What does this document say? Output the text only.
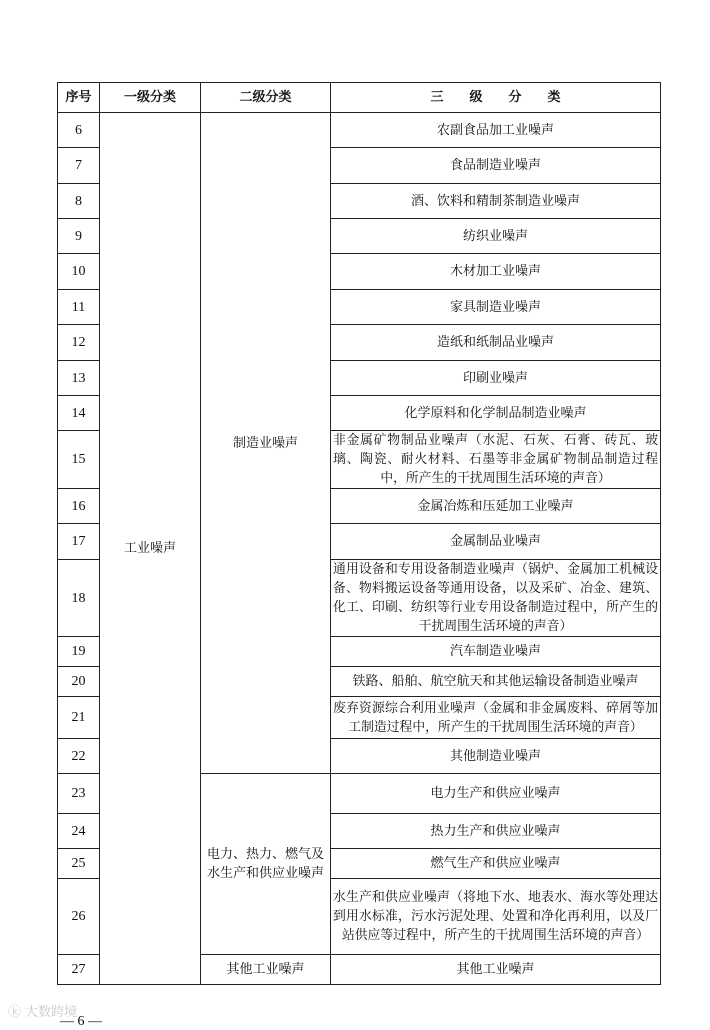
序号	一级分类	二级分类	三　　级　　分　　类
6	工业噪声	制造业噪声	农副食品加工业噪声
7			食品制造业噪声
8			酒、饮料和精制茶制造业噪声
9			纺织业噪声
10			木材加工业噪声
11			家具制造业噪声
12			造纸和纸制品业噪声
13			印刷业噪声
14			化学原料和化学制品制造业噪声
15			非金属矿物制品业噪声（水泥、石灰、石膏、砖瓦、玻璃、陶瓷、耐火材料、石墨等非金属矿物制品制造过程中，所产生的干扰周围生活环境的声音）
16			金属冶炼和压延加工业噪声
17			金属制品业噪声
18			通用设备和专用设备制造业噪声（锅炉、金属加工机械设备、物料搬运设备等通用设备，以及采矿、冶金、建筑、化工、印刷、纺织等行业专用设备制造过程中，所产生的干扰周围生活环境的声音）
19			汽车制造业噪声
20			铁路、船舶、航空航天和其他运输设备制造业噪声
21			废弃资源综合利用业噪声（金属和非金属废料、碎屑等加工制造过程中，所产生的干扰周围生活环境的声音）
22			其他制造业噪声
23		电力、热力、燃气及水生产和供应业噪声	电力生产和供应业噪声
24			热力生产和供应业噪声
25			燃气生产和供应业噪声
26			水生产和供应业噪声（将地下水、地表水、海水等处理达到用水标准，污水污泥处理、处置和净化再利用，以及厂站供应等过程中，所产生的干扰周围生活环境的声音）
27		其他工业噪声	其他工业噪声
ⓚ 大数跨境
— 6 —
